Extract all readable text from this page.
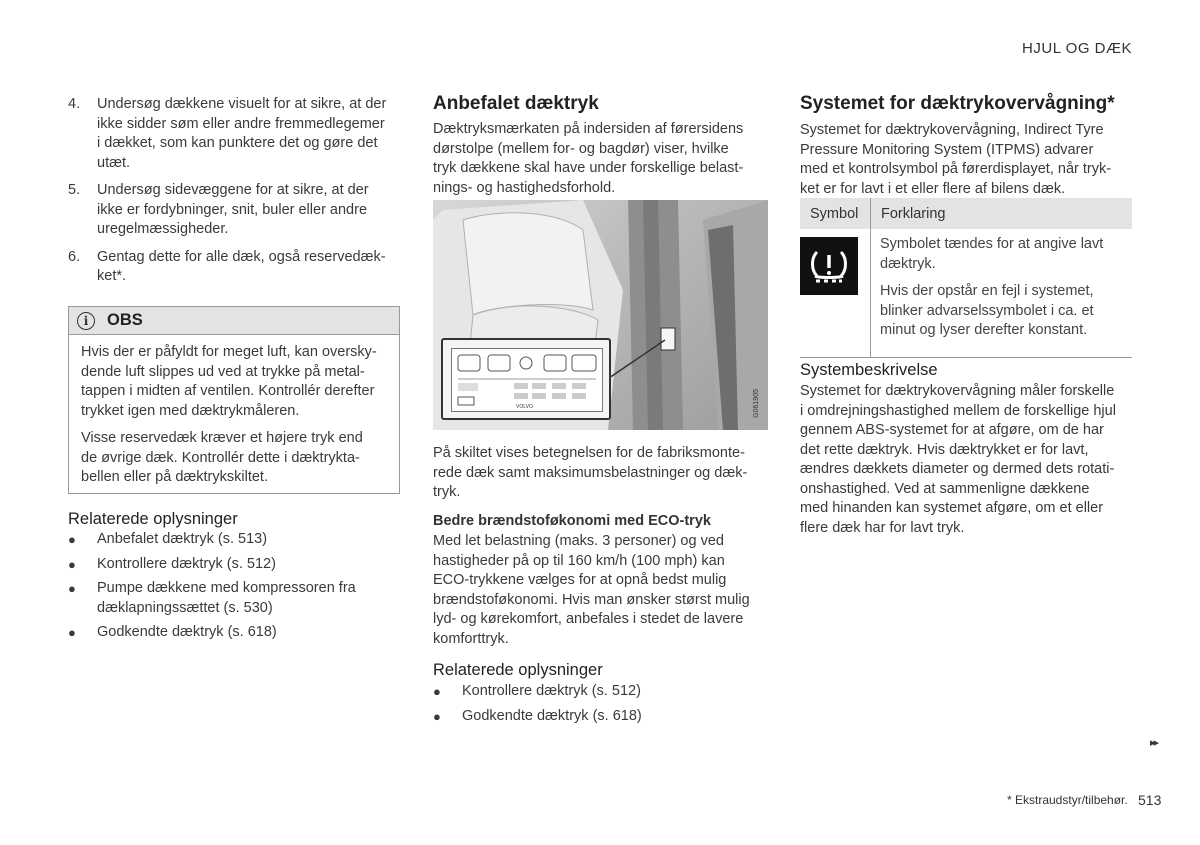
HJUL OG DÆK
4.	Undersøg dækkene visuelt for at sikre, at der
ikke sidder søm eller andre fremmedlegemer
i dækket, som kan punktere det og gøre det
utæt.
5.	Undersøg sidevæggene for at sikre, at der
ikke er fordybninger, snit, buler eller andre
uregelmæssigheder.
6.	Gentag dette for alle dæk, også reservedæk-
ket*.
i	OBS

Hvis der er påfyldt for meget luft, kan oversky-
dende luft slippes ud ved at trykke på metal-
tappen i midten af ventilen. Kontrollér derefter
trykket igen med dæktrykmåleren.

Visse reservedæk kræver et højere tryk end
de øvrige dæk. Kontrollér dette i dæktrykta-
bellen eller på dæktrykskiltet.

Relaterede oplysninger
●	Anbefalet dæktryk (s. 513)
●	Kontrollere dæktryk (s. 512)
●	Pumpe dækkene med kompressoren fra
dæklapningssættet (s. 530)
●	Godkendte dæktryk (s. 618)
Anbefalet dæktryk
Dæktryksmærkaten på indersiden af førersidens
dørstolpe (mellem for- og bagdør) viser, hvilke
tryk dækkene skal have under forskellige belast-
nings- og hastighedsforhold.
VOLVO	G061905
På skiltet vises betegnelsen for de fabriksmonte-
rede dæk samt maksimumsbelastninger og dæk-
tryk.
Bedre brændstoføkonomi med ECO-tryk
Med let belastning (maks. 3 personer) og ved
hastigheder på op til 160 km/h (100 mph) kan
ECO-trykkene vælges for at opnå bedst mulig
brændstoføkonomi. Hvis man ønsker størst mulig
lyd- og kørekomfort, anbefales i stedet de lavere
komforttryk.
Relaterede oplysninger
●	Kontrollere dæktryk (s. 512)
●	Godkendte dæktryk (s. 618)
Systemet for dæktrykovervågning*
Systemet for dæktrykovervågning, Indirect Tyre
Pressure Monitoring System (ITPMS) advarer
med et kontrolsymbol på førerdisplayet, når tryk-
ket er for lavt i et eller flere af bilens dæk.
Symbol	Forklaring

Symbolet tændes for at angive lavt
dæktryk.

Hvis der opstår en fejl i systemet,
blinker advarselssymbolet i ca. et
minut og lyser derefter konstant.

Systembeskrivelse
Systemet for dæktrykovervågning måler forskelle
i omdrejningshastighed mellem de forskellige hjul
gennem ABS-systemet for at afgøre, om de har
det rette dæktryk. Hvis dæktrykket er for lavt,
ændres dækkets diameter og dermed dets rotati-
onshastighed. Ved at sammenligne dækkene
med hinanden kan systemet afgøre, om et eller
flere dæk har for lavt tryk.
▸▸
* Ekstraudstyr/tilbehør. 513
